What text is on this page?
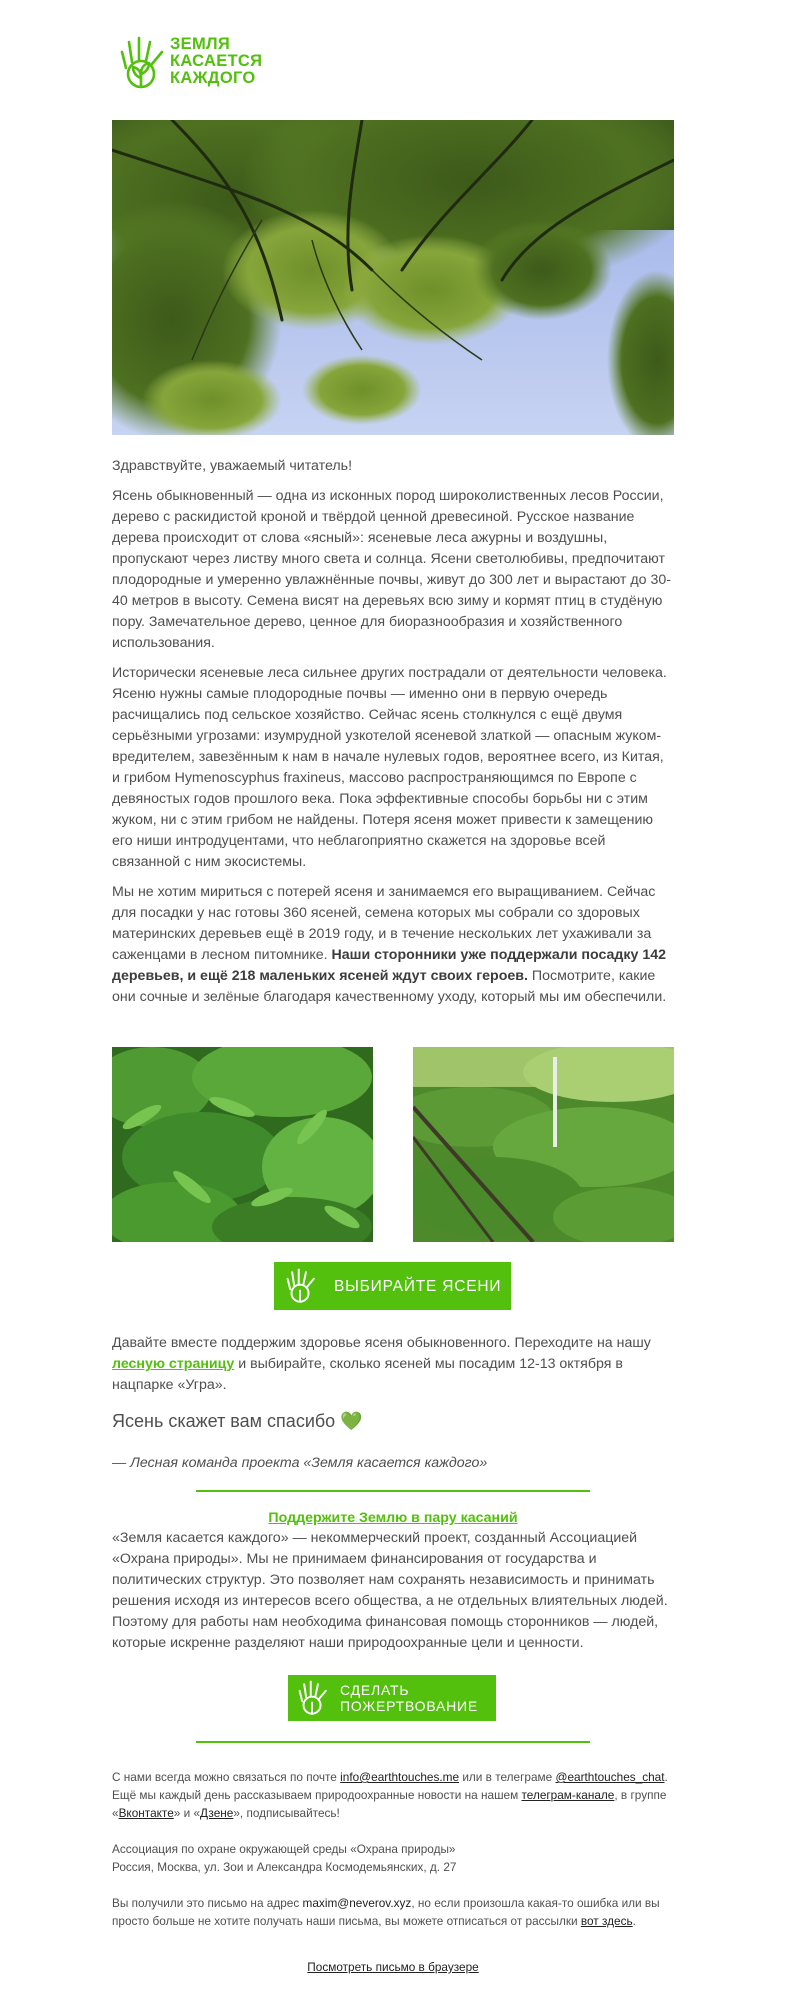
ЗЕМЛЯ
КАСАЕТСЯ
КАЖДОГО

Здравствуйте, уважаемый читатель!

Ясень обыкновенный — одна из исконных пород широколиственных лесов России, дерево с раскидистой кроной и твёрдой ценной древесиной. Русское название дерева происходит от слова «ясный»: ясеневые леса ажурны и воздушны, пропускают через листву много света и солнца. Ясени светолюбивы, предпочитают плодородные и умеренно увлажнённые почвы, живут до 300 лет и вырастают до 30-40 метров в высоту. Семена висят на деревьях всю зиму и кормят птиц в студёную пору. Замечательное дерево, ценное для биоразнообразия и хозяйственного использования.

Исторически ясеневые леса сильнее других пострадали от деятельности человека. Ясеню нужны самые плодородные почвы — именно они в первую очередь расчищались под сельское хозяйство. Сейчас ясень столкнулся с ещё двумя серьёзными угрозами: изумрудной узкотелой ясеневой златкой — опасным жуком-вредителем, завезённым к нам в начале нулевых годов, вероятнее всего, из Китая, и грибом Hymenoscyphus fraxineus, массово распространяющимся по Европе с девяностых годов прошлого века. Пока эффективные способы борьбы ни с этим жуком, ни с этим грибом не найдены. Потеря ясеня может привести к замещению его ниши интродуцентами, что неблагоприятно скажется на здоровье всей связанной с ним экосистемы.

Мы не хотим мириться с потерей ясеня и занимаемся его выращиванием. Сейчас для посадки у нас готовы 360 ясеней, семена которых мы собрали со здоровых материнских деревьев ещё в 2019 году, и в течение нескольких лет ухаживали за саженцами в лесном питомнике. Наши сторонники уже поддержали посадку 142 деревьев, и ещё 218 маленьких ясеней ждут своих героев. Посмотрите, какие они сочные и зелёные благодаря качественному уходу, который мы им обеспечили.

ВЫБИРАЙТЕ ЯСЕНИ

Давайте вместе поддержим здоровье ясеня обыкновенного. Переходите на нашу лесную страницу и выбирайте, сколько ясеней мы посадим 12-13 октября в нацпарке «Угра».

Ясень скажет вам спасибо 💚
— Лесная команда проекта «Земля касается каждого»
Поддержите Землю в пару касаний

«Земля касается каждого» — некоммерческий проект, созданный Ассоциацией «Охрана природы». Мы не принимаем финансирования от государства и политических структур. Это позволяет нам сохранять независимость и принимать решения исходя из интересов всего общества, а не отдельных влиятельных людей. Поэтому для работы нам необходима финансовая помощь сторонников — людей, которые искренне разделяют наши природоохранные цели и ценности.

СДЕЛАТЬ
ПОЖЕРТВОВАНИЕ

С нами всегда можно связаться по почте info@earthtouches.me или в телеграме @earthtouches_chat. Ещё мы каждый день рассказываем природоохранные новости на нашем телеграм-канале, в группе «Вконтакте» и «Дзене», подписывайтесь!

Ассоциация по охране окружающей среды «Охрана природы»
Россия, Москва, ул. Зои и Александра Космодемьянских, д. 27

Вы получили это письмо на адрес maxim@neverov.xyz, но если произошла какая-то ошибка или вы просто больше не хотите получать наши письма, вы можете отписаться от рассылки вот здесь.

Посмотреть письмо в браузере
